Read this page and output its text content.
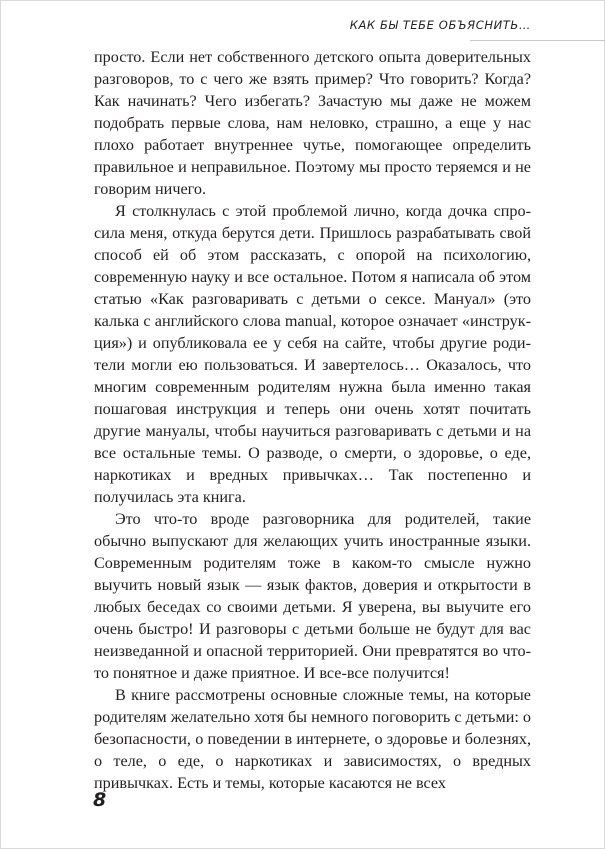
КАК БЫ ТЕБЕ ОБЪЯСНИТЬ…

просто. Если нет собственного детского опыта доверительных разговоров, то с чего же взять пример? Что говорить? Когда? Как начинать? Чего избегать? Зачастую мы даже не можем подобрать первые слова, нам неловко, страшно, а еще у нас плохо работает внутреннее чутье, помогающее определить правильное и неправильное. Поэтому мы просто теряемся и не говорим ничего.

Я столкнулась с этой проблемой лично, когда дочка спросила меня, откуда берутся дети. Пришлось разрабатывать свой способ ей об этом рассказать, с опорой на психологию, современную науку и все остальное. Потом я написала об этом статью «Как разговаривать с детьми о сексе. Мануал» (это калька с английского слова manual, которое означает «инструкция») и опубликовала ее у себя на сайте, чтобы другие родители могли ею пользоваться. И завертелось… Оказалось, что многим современным родителям нужна была именно такая пошаговая инструкция и теперь они очень хотят почитать другие мануалы, чтобы научиться разговаривать с детьми и на все остальные темы. О разводе, о смерти, о здоровье, о еде, наркотиках и вредных привычках… Так постепенно и получилась эта книга.

Это что-то вроде разговорника для родителей, такие обычно выпускают для желающих учить иностранные языки. Современным родителям тоже в каком-то смысле нужно выучить новый язык — язык фактов, доверия и открытости в любых беседах со своими детьми. Я уверена, вы выучите его очень быстро! И разговоры с детьми больше не будут для вас неизведанной и опасной территорией. Они превратятся во что-то понятное и даже приятное. И все-все получится!

В книге рассмотрены основные сложные темы, на которые родителям желательно хотя бы немного поговорить с детьми: о безопасности, о поведении в интернете, о здоровье и болезнях, о теле, о еде, о наркотиках и зависимостях, о вредных привычках. Есть и темы, которые касаются не всех

8
